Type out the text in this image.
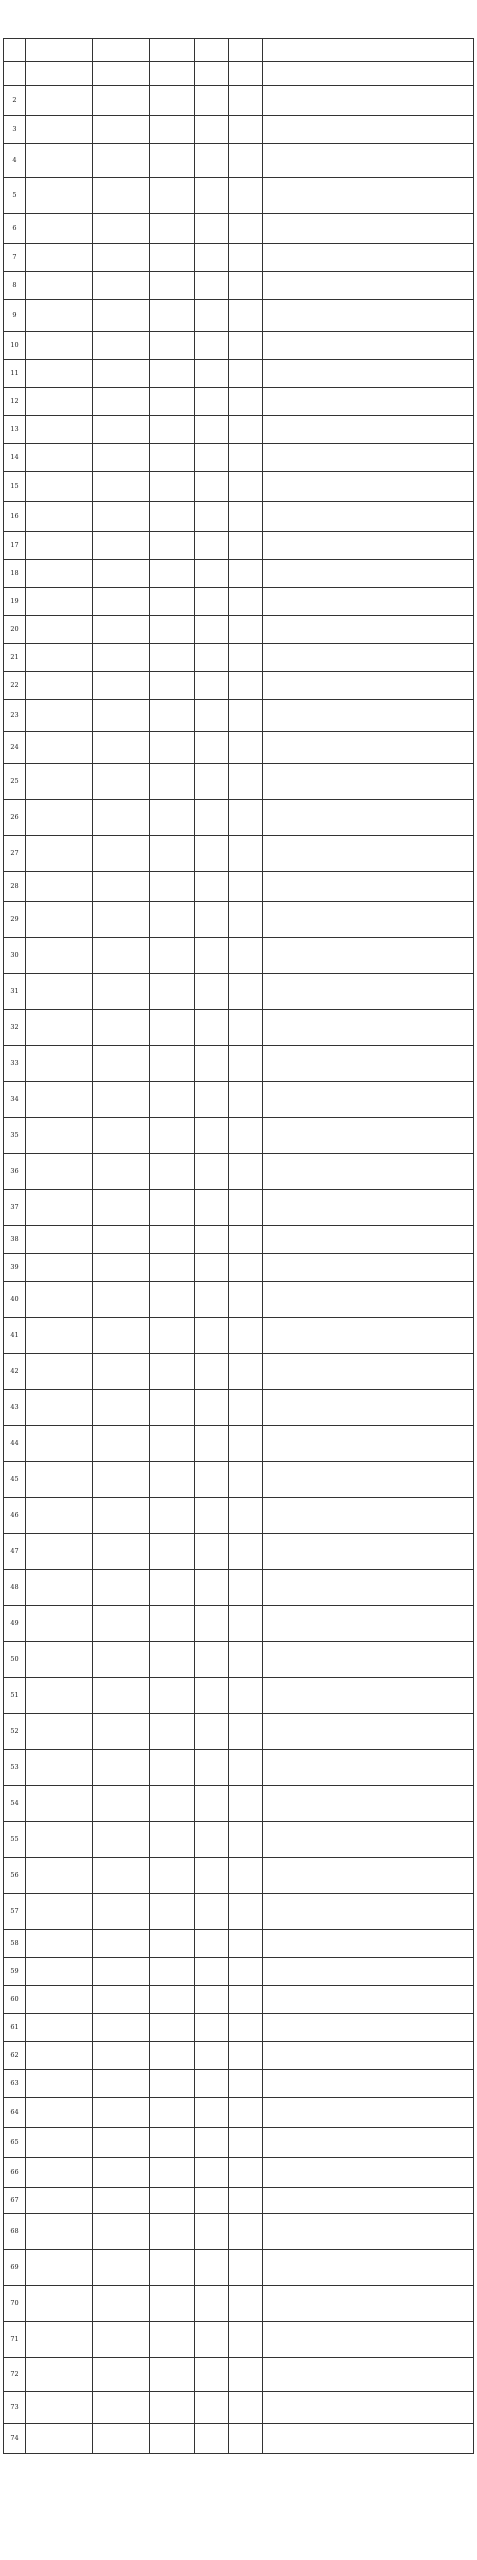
2						
3						
4						
5						
6						
7						
8						
9						
10						
11						
12						
13						
14						
15						
16						
17						
18						
19						
20						
21						
22						
23						
24						
25						
26						
27						
28						
29						
30						
31						
32						
33						
34						
35						
36						
37						
38						
39						
40						
41						
42						
43						
44						
45						
46						
47						
48						
49						
50						
51						
52						
53						
54						
55						
56						
57						
58						
59						
60						
61						
62						
63						
64						
65						
66						
67						
68						
69						
70						
71						
72						
73						
74						
